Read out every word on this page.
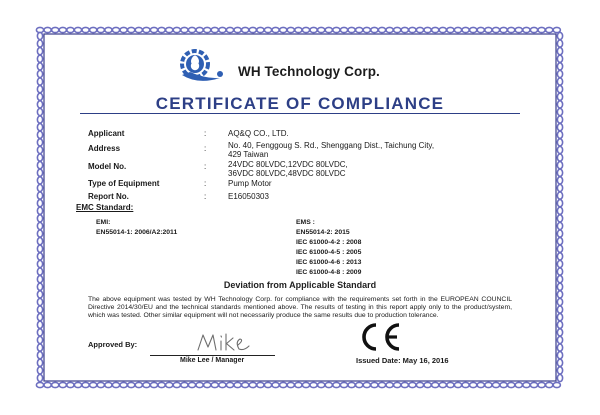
WH Technology Corp.
CERTIFICATE OF COMPLIANCE
Applicant	:	AQ&Q CO., LTD.
Address	:	No. 40, Fenggoug S. Rd., Shenggang Dist., Taichung City,
429 Taiwan
Model No.	:	24VDC 80LVDC,12VDC 80LVDC,
36VDC 80LVDC,48VDC 80LVDC
Type of Equipment	:	Pump Motor
Report No.	:	E16050303
EMC Standard:
EMI:
EN55014-1: 2006/A2:2011
EMS :
EN55014-2: 2015
IEC 61000-4-2 : 2008
IEC 61000-4-5 : 2005
IEC 61000-4-6 : 2013
IEC 61000-4-8 : 2009
Deviation from Applicable Standard
The above equipment was tested by WH Technology Corp. for compliance with the requirements set forth in the EUROPEAN COUNCIL Directive 2014/30/EU and the technical standards mentioned above. The results of testing in this report apply only to the product/system, which was tested. Other similar equipment will not necessarily produce the same results due to production tolerance.
Approved By:
Mike
Mike Lee / Manager
CE
Issued Date: May 16, 2016
